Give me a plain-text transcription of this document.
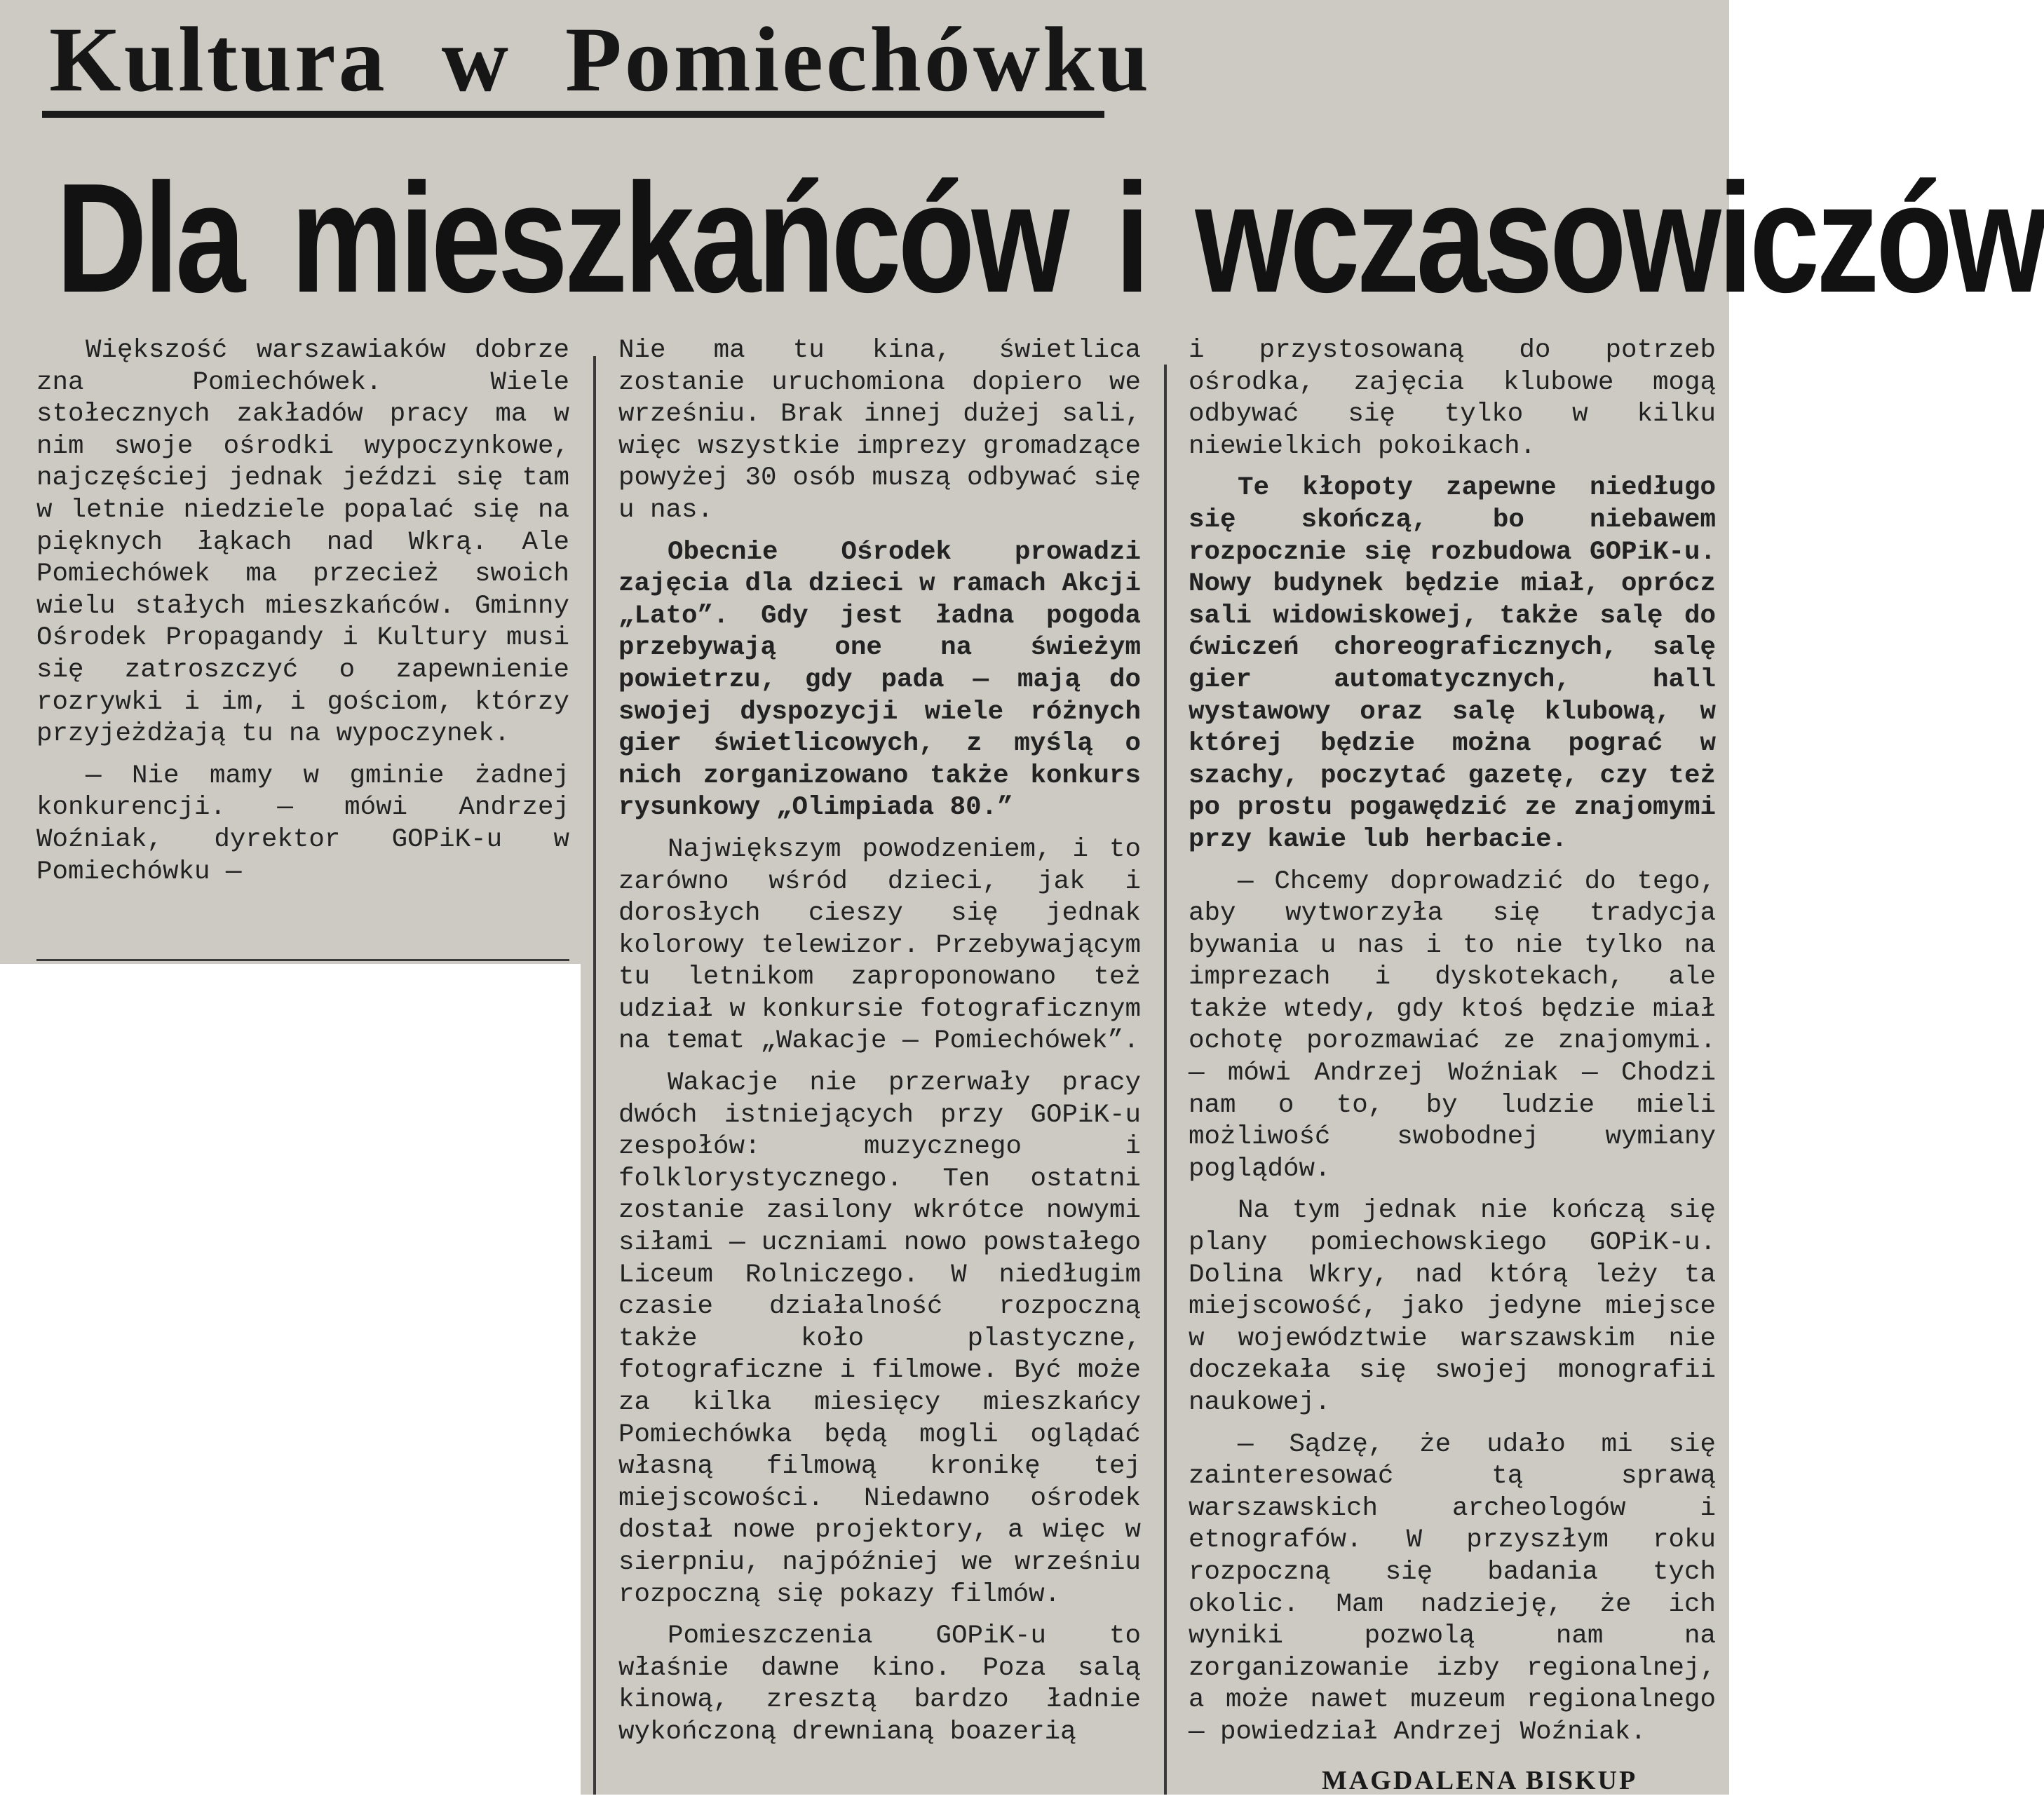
Kultura w Pomiechówku
Dla mieszkańców i wczasowiczów

Większość warszawiaków dobrze zna Pomiechówek. Wiele stołecznych zakładów pracy ma w nim swoje ośrodki wypoczynkowe, najczęściej jednak jeździ się tam w letnie niedziele popalać się na pięknych łąkach nad Wkrą. Ale Pomiechówek ma przecież swoich wielu stałych mieszkańców. Gminny Ośrodek Propagandy i Kultury musi się zatroszczyć o zapewnienie rozrywki i im, i gościom, którzy przyjeżdżają tu na wypoczynek.

— Nie mamy w gminie żadnej konkurencji. — mówi Andrzej Woźniak, dyrektor GOPiK-u w Pomiechówku —

Nie ma tu kina, świetlica zostanie uruchomiona dopiero we wrześniu. Brak innej dużej sali, więc wszystkie imprezy gromadzące powyżej 30 osób muszą odbywać się u nas.

Obecnie Ośrodek prowadzi zajęcia dla dzieci w ramach Akcji „Lato”. Gdy jest ładna pogoda przebywają one na świeżym powietrzu, gdy pada — mają do swojej dyspozycji wiele różnych gier świetlicowych, z myślą o nich zorganizowano także konkurs rysunkowy „Olimpiada 80.”

Największym powodzeniem, i to zarówno wśród dzieci, jak i dorosłych cieszy się jednak kolorowy telewizor. Przebywającym tu letnikom zaproponowano też udział w konkursie fotograficznym na temat „Wakacje — Pomiechówek”.

Wakacje nie przerwały pracy dwóch istniejących przy GOPiK-u zespołów: muzycznego i folklorystycznego. Ten ostatni zostanie zasilony wkrótce nowymi siłami — uczniami nowo powstałego Liceum Rolniczego. W niedługim czasie działalność rozpoczną także koło plastyczne, fotograficzne i filmowe. Być może za kilka miesięcy mieszkańcy Pomiechówka będą mogli oglądać własną filmową kronikę tej miejscowości. Niedawno ośrodek dostał nowe projektory, a więc w sierpniu, najpóźniej we wrześniu rozpoczną się pokazy filmów.

Pomieszczenia GOPiK-u to właśnie dawne kino. Poza salą kinową, zresztą bardzo ładnie wykończoną drewnianą boazerią

i przystosowaną do potrzeb ośrodka, zajęcia klubowe mogą odbywać się tylko w kilku niewielkich pokoikach.

Te kłopoty zapewne niedługo się skończą, bo niebawem rozpocznie się rozbudowa GOPiK-u. Nowy budynek będzie miał, oprócz sali widowiskowej, także salę do ćwiczeń choreograficznych, salę gier automatycznych, hall wystawowy oraz salę klubową, w której będzie można pograć w szachy, poczytać gazetę, czy też po prostu pogawędzić ze znajomymi przy kawie lub herbacie.

— Chcemy doprowadzić do tego, aby wytworzyła się tradycja bywania u nas i to nie tylko na imprezach i dyskotekach, ale także wtedy, gdy ktoś będzie miał ochotę porozmawiać ze znajomymi. — mówi Andrzej Woźniak — Chodzi nam o to, by ludzie mieli możliwość swobodnej wymiany poglądów.

Na tym jednak nie kończą się plany pomiechowskiego GOPiK-u. Dolina Wkry, nad którą leży ta miejscowość, jako jedyne miejsce w województwie warszawskim nie doczekała się swojej monografii naukowej.

— Sądzę, że udało mi się zainteresować tą sprawą warszawskich archeologów i etnografów. W przyszłym roku rozpoczną się badania tych okolic. Mam nadzieję, że ich wyniki pozwolą nam na zorganizowanie izby regionalnej, a może nawet muzeum regionalnego — powiedział Andrzej Woźniak.

MAGDALENA BISKUP
